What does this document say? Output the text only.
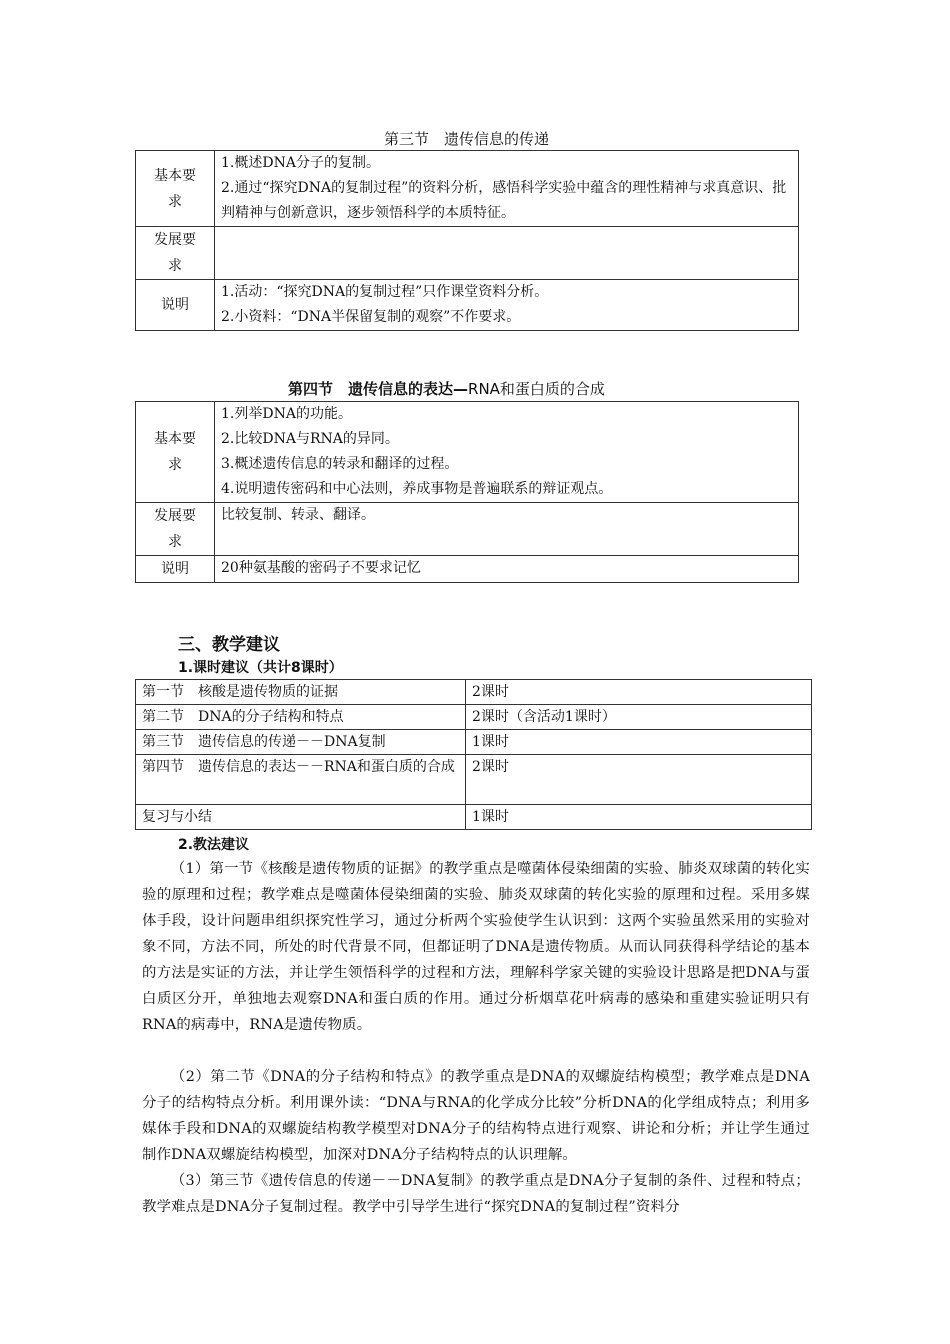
第三节　遗传信息的传递
基本要求	1.概述DNA分子的复制。
2.通过“探究DNA的复制过程”的资料分析，感悟科学实验中蕴含的理性精神与求真意识、批判精神与创新意识，逐步领悟科学的本质特征。

发展要求	

说明	1.活动：“探究DNA的复制过程”只作课堂资料分析。
2.小资料：“DNA半保留复制的观察”不作要求。
第四节　遗传信息的表达—RNA和蛋白质的合成
基本要求	1.列举DNA的功能。
2.比较DNA与RNA的异同。
3.概述遗传信息的转录和翻译的过程。
4.说明遗传密码和中心法则，养成事物是普遍联系的辩证观点。

发展要求	比较复制、转录、翻译。
说明	20种氨基酸的密码子不要求记忆
三、教学建议
1.课时建议（共计8课时）
第一节　核酸是遗传物质的证据	2课时
第二节　DNA的分子结构和特点	2课时（含活动1课时）
第三节　遗传信息的传递－－DNA复制	1课时
第四节　遗传信息的表达－－RNA和蛋白质的合成	2课时
复习与小结	1课时
2.教法建议
（1）第一节《核酸是遗传物质的证据》的教学重点是噬菌体侵染细菌的实验、肺炎双球菌的转化实验的原理和过程；教学难点是噬菌体侵染细菌的实验、肺炎双球菌的转化实验的原理和过程。采用多媒体手段，设计问题串组织探究性学习，通过分析两个实验使学生认识到：这两个实验虽然采用的实验对象不同，方法不同，所处的时代背景不同，但都证明了DNA是遗传物质。从而认同获得科学结论的基本的方法是实证的方法，并让学生领悟科学的过程和方法，理解科学家关键的实验设计思路是把DNA与蛋白质区分开，单独地去观察DNA和蛋白质的作用。通过分析烟草花叶病毒的感染和重建实验证明只有RNA的病毒中，RNA是遗传物质。
（2）第二节《DNA的分子结构和特点》的教学重点是DNA的双螺旋结构模型；教学难点是DNA分子的结构特点分析。利用课外读：“DNA与RNA的化学成分比较”分析DNA的化学组成特点；利用多媒体手段和DNA的双螺旋结构教学模型对DNA分子的结构特点进行观察、讲论和分析；并让学生通过制作DNA双螺旋结构模型，加深对DNA分子结构特点的认识理解。
（3）第三节《遗传信息的传递－－DNA复制》的教学重点是DNA分子复制的条件、过程和特点；教学难点是DNA分子复制过程。教学中引导学生进行“探究DNA的复制过程”资料分
